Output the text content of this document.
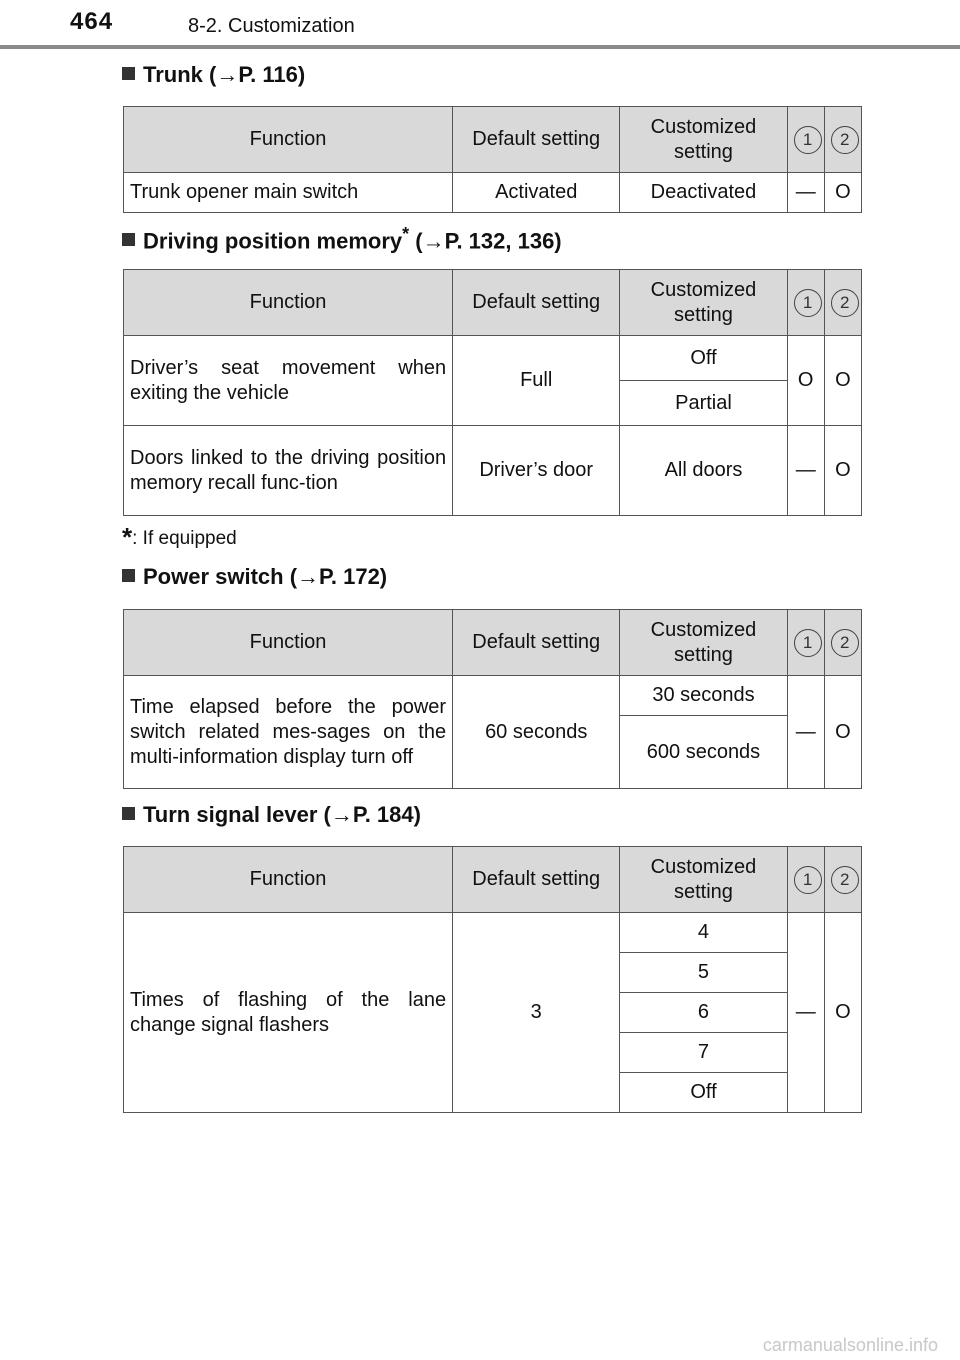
464	8-2. Customization
Trunk (→P. 116)
Function	Default setting	Customized setting	1	2
Trunk opener main switch	Activated	Deactivated	—	O
Driving position memory* (→P. 132, 136)
Function	Default setting	Customized setting	1	2
Driver’s seat movement when exiting the vehicle	Full	Off	O	O
		Partial		
Doors linked to the driving position memory recall func-tion	Driver’s door	All doors	—	O
*: If equipped
Power switch (→P. 172)
Function	Default setting	Customized setting	1	2
Time elapsed before the power switch related mes-sages on the multi-information display turn off	60 seconds	30 seconds	—	O
		600 seconds		
Turn signal lever (→P. 184)
Function	Default setting	Customized setting	1	2
Times of flashing of the lane change signal flashers	3	4	—	O
		5		
		6		
		7		
		Off		
carmanualsonline.info
